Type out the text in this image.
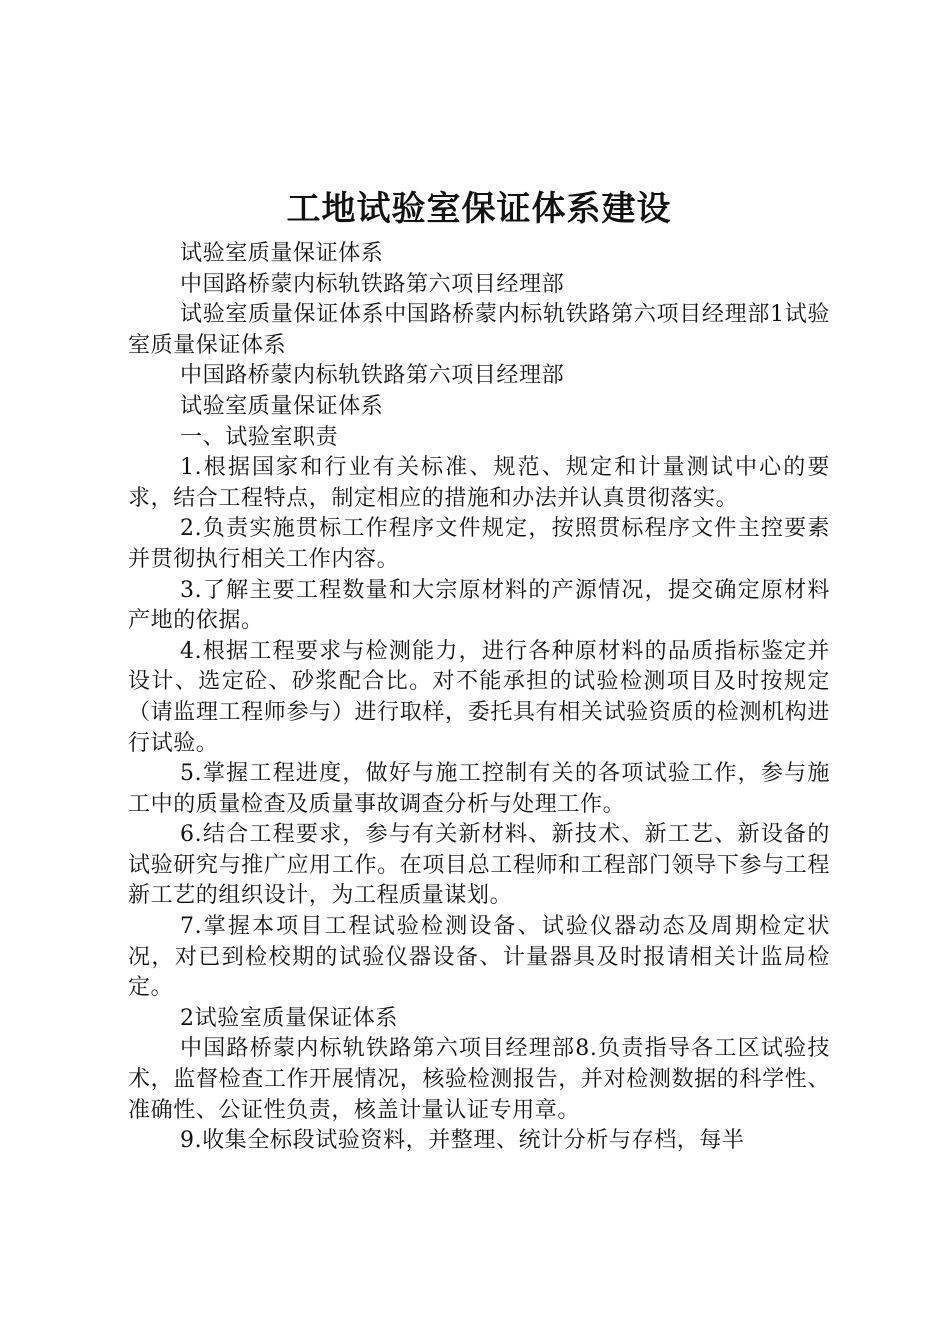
工地试验室保证体系建设

试验室质量保证体系

中国路桥蒙内标轨铁路第六项目经理部

试验室质量保证体系中国路桥蒙内标轨铁路第六项目经理部1试验室质量保证体系

中国路桥蒙内标轨铁路第六项目经理部

试验室质量保证体系

一、试验室职责

1.根据国家和行业有关标准、规范、规定和计量测试中心的要求，结合工程特点，制定相应的措施和办法并认真贯彻落实。

2.负责实施贯标工作程序文件规定，按照贯标程序文件主控要素并贯彻执行相关工作内容。

3.了解主要工程数量和大宗原材料的产源情况，提交确定原材料产地的依据。

4.根据工程要求与检测能力，进行各种原材料的品质指标鉴定并设计、选定砼、砂浆配合比。对不能承担的试验检测项目及时按规定（请监理工程师参与）进行取样，委托具有相关试验资质的检测机构进行试验。

5.掌握工程进度，做好与施工控制有关的各项试验工作，参与施工中的质量检查及质量事故调查分析与处理工作。

6.结合工程要求，参与有关新材料、新技术、新工艺、新设备的试验研究与推广应用工作。在项目总工程师和工程部门领导下参与工程新工艺的组织设计，为工程质量谋划。

7.掌握本项目工程试验检测设备、试验仪器动态及周期检定状况，对已到检校期的试验仪器设备、计量器具及时报请相关计监局检定。

2试验室质量保证体系

中国路桥蒙内标轨铁路第六项目经理部8.负责指导各工区试验技术，监督检查工作开展情况，核验检测报告，并对检测数据的科学性、准确性、公证性负责，核盖计量认证专用章。

9.收集全标段试验资料，并整理、统计分析与存档，每半
